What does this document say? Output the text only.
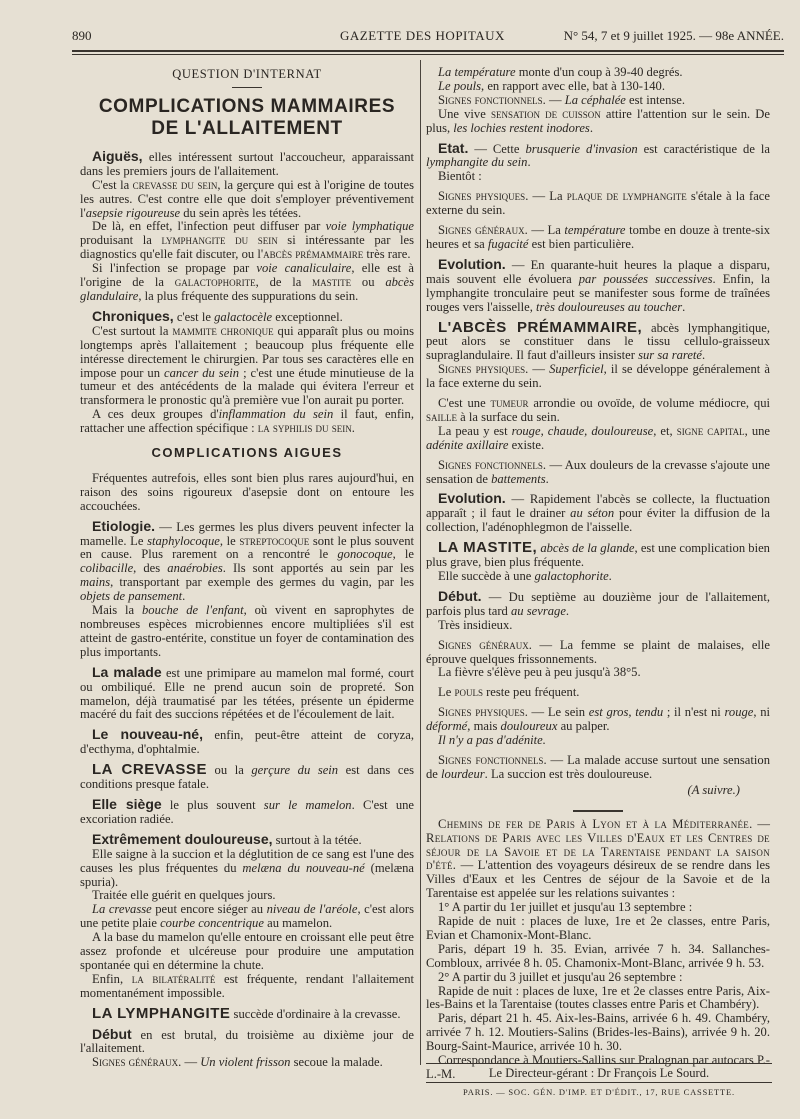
890	GAZETTE DES HOPITAUX	N° 54, 7 et 9 juillet 1925. — 98e ANNÉE.
QUESTION D'INTERNAT
COMPLICATIONS MAMMAIRES
DE L'ALLAITEMENT

Aiguës, elles intéressent surtout l'accoucheur, apparaissant dans les premiers jours de l'allaitement.

C'est la crevasse du sein, la gerçure qui est à l'origine de toutes les autres. C'est contre elle que doit s'employer préventivement l'asepsie rigoureuse du sein après les tétées.

De là, en effet, l'infection peut diffuser par voie lymphatique produisant la lymphangite du sein si intéressante par les diagnostics qu'elle fait discuter, ou l'abcès prémammaire très rare.

Si l'infection se propage par voie canaliculaire, elle est à l'origine de la galactophorite, de la mastite ou abcès glandulaire, la plus fréquente des suppurations du sein.

Chroniques, c'est le galactocèle exceptionnel.

C'est surtout la mammite chronique qui apparaît plus ou moins longtemps après l'allaitement ; beaucoup plus fréquente elle intéresse directement le chirurgien. Par tous ses caractères elle en impose pour un cancer du sein ; c'est une étude minutieuse de la tumeur et des antécédents de la malade qui évitera l'erreur et transformera le pronostic qu'à première vue l'on aurait pu porter.

A ces deux groupes d'inflammation du sein il faut, enfin, rattacher une affection spécifique : la syphilis du sein.

COMPLICATIONS AIGUES

Fréquentes autrefois, elles sont bien plus rares aujourd'hui, en raison des soins rigoureux d'asepsie dont on entoure les accouchées.

Etiologie. — Les germes les plus divers peuvent infecter la mamelle. Le staphylocoque, le streptocoque sont le plus souvent en cause. Plus rarement on a rencontré le gonocoque, le colibacille, des anaérobies. Ils sont apportés au sein par les mains, transportant par exemple des germes du vagin, par les objets de pansement.

Mais la bouche de l'enfant, où vivent en saprophytes de nombreuses espèces microbiennes encore multipliées s'il est atteint de gastro-entérite, constitue un foyer de contamination des plus importants.

La malade est une primipare au mamelon mal formé, court ou ombiliqué. Elle ne prend aucun soin de propreté. Son mamelon, déjà traumatisé par les tétées, présente un épiderme macéré du fait des succions répétées et de l'écoulement de lait.

Le nouveau-né, enfin, peut-être atteint de coryza, d'ecthyma, d'ophtalmie.

LA CREVASSE ou la gerçure du sein est dans ces conditions presque fatale.

Elle siège le plus souvent sur le mamelon. C'est une excoriation radiée.

Extrêmement douloureuse, surtout à la tétée.

Elle saigne à la succion et la déglutition de ce sang est l'une des causes les plus fréquentes du melæna du nouveau-né (melæna spuria).

Traitée elle guérit en quelques jours.

La crevasse peut encore siéger au niveau de l'aréole, c'est alors une petite plaie courbe concentrique au mamelon.

A la base du mamelon qu'elle entoure en croissant elle peut être assez profonde et ulcéreuse pour produire une amputation spontanée qui en détermine la chute.

Enfin, la bilatéralité est fréquente, rendant l'allaitement momentanément impossible.

LA LYMPHANGITE succède d'ordinaire à la crevasse.

Début en est brutal, du troisième au dixième jour de l'allaitement.

Signes généraux. — Un violent frisson secoue la malade.

La température monte d'un coup à 39-40 degrés.

Le pouls, en rapport avec elle, bat à 130-140.

Signes fonctionnels. — La céphalée est intense.

Une vive sensation de cuisson attire l'attention sur le sein. De plus, les lochies restent inodores.

Etat. — Cette brusquerie d'invasion est caractéristique de la lymphangite du sein.

Bientôt :

Signes physiques. — La plaque de lymphangite s'étale à la face externe du sein.

Signes généraux. — La température tombe en douze à trente-six heures et sa fugacité est bien particulière.

Evolution. — En quarante-huit heures la plaque a disparu, mais souvent elle évoluera par poussées successives. Enfin, la lymphangite tronculaire peut se manifester sous forme de traînées rouges vers l'aisselle, très douloureuses au toucher.

L'ABCÈS PRÉMAMMAIRE, abcès lymphangitique, peut alors se constituer dans le tissu cellulo-graisseux supraglandulaire. Il faut d'ailleurs insister sur sa rareté.

Signes physiques. — Superficiel, il se développe généralement à la face externe du sein.

C'est une tumeur arrondie ou ovoïde, de volume médiocre, qui saille à la surface du sein.

La peau y est rouge, chaude, douloureuse, et, signe capital, une adénite axillaire existe.

Signes fonctionnels. — Aux douleurs de la crevasse s'ajoute une sensation de battements.

Evolution. — Rapidement l'abcès se collecte, la fluctuation apparaît ; il faut le drainer au séton pour éviter la diffusion de la collection, l'adénophlegmon de l'aisselle.

LA MASTITE, abcès de la glande, est une complication bien plus grave, bien plus fréquente.

Elle succède à une galactophorite.

Début. — Du septième au douzième jour de l'allaitement, parfois plus tard au sevrage.

Très insidieux.

Signes généraux. — La femme se plaint de malaises, elle éprouve quelques frissonnements.

La fièvre s'élève peu à peu jusqu'à 38°5.

Le pouls reste peu fréquent.

Signes physiques. — Le sein est gros, tendu ; il n'est ni rouge, ni déformé, mais douloureux au palper.

Il n'y a pas d'adénite.

Signes fonctionnels. — La malade accuse surtout une sensation de lourdeur. La succion est très douloureuse.

(A suivre.)

Chemins de fer de Paris à Lyon et à la Méditerranée. — Relations de Paris avec les Villes d'Eaux et les Centres de séjour de la Savoie et de la Tarentaise pendant la saison d'été. — L'attention des voyageurs désireux de se rendre dans les Villes d'Eaux et les Centres de séjour de la Savoie et de la Tarentaise est appelée sur les relations suivantes :

1° A partir du 1er juillet et jusqu'au 13 septembre :

Rapide de nuit : places de luxe, 1re et 2e classes, entre Paris, Evian et Chamonix-Mont-Blanc.

Paris, départ 19 h. 35. Evian, arrivée 7 h. 34. Sallanches-Combloux, arrivée 8 h. 05. Chamonix-Mont-Blanc, arrivée 9 h. 53.

2° A partir du 3 juillet et jusqu'au 26 septembre :

Rapide de nuit : places de luxe, 1re et 2e classes entre Paris, Aix-les-Bains et la Tarentaise (toutes classes entre Paris et Chambéry).

Paris, départ 21 h. 45. Aix-les-Bains, arrivée 6 h. 49. Chambéry, arrivée 7 h. 12. Moutiers-Salins (Brides-les-Bains), arrivée 9 h. 20. Bourg-Saint-Maurice, arrivée 10 h. 30.

Correspondance à Moutiers-Sallins sur Pralognan par autocars P.-L.-M.	Le Directeur-gérant : Dr François Le Sourd.
PARIS. — SOC. GÉN. D'IMP. ET D'ÉDIT., 17, RUE CASSETTE.
